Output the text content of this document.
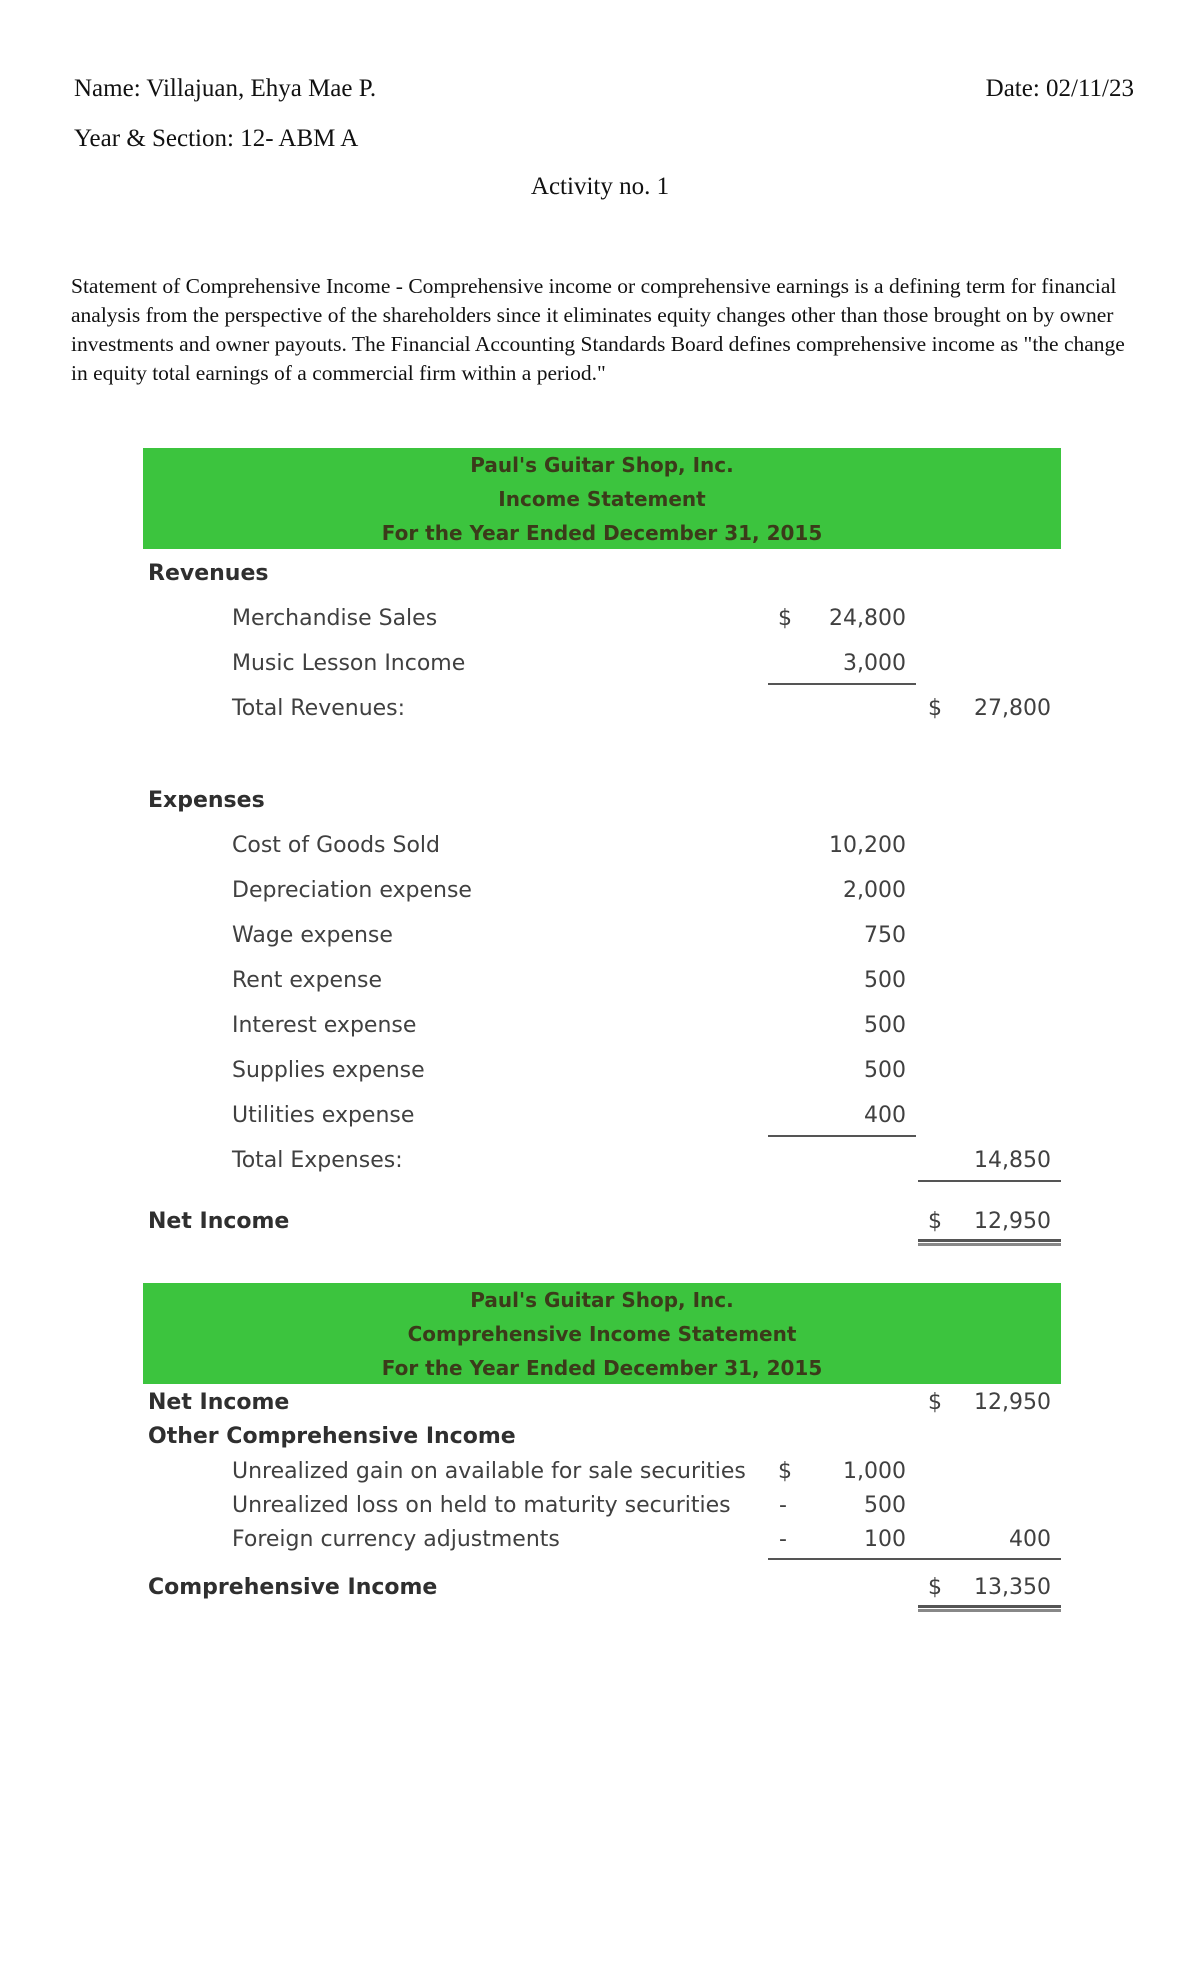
Name: Villajuan, Ehya Mae P.	Date: 02/11/23
Year & Section: 12- ABM A
Activity no. 1

Statement of Comprehensive Income - Comprehensive income or comprehensive earnings is a defining term for financial analysis from the perspective of the shareholders since it eliminates equity changes other than those brought on by owner investments and owner payouts. The Financial Accounting Standards Board defines comprehensive income as "the change in equity total earnings of a commercial firm within a period."

Paul's Guitar Shop, Inc.
Income Statement
For the Year Ended December 31, 2015
Revenues
Merchandise Sales	$ 24,800
Music Lesson Income	3,000
Total Revenues:	$ 27,800
Expenses
Cost of Goods Sold	10,200
Depreciation expense	2,000
Wage expense	750
Rent expense	500
Interest expense	500
Supplies expense	500
Utilities expense	400
Total Expenses:	14,850
Net Income	$ 12,950
Paul's Guitar Shop, Inc.
Comprehensive Income Statement
For the Year Ended December 31, 2015
Net Income	$ 12,950
Other Comprehensive Income
Unrealized gain on available for sale securities $ 1,000
Unrealized loss on held to maturity securities -	500
Foreign currency adjustments	-	100	400
Comprehensive Income	$ 13,350
